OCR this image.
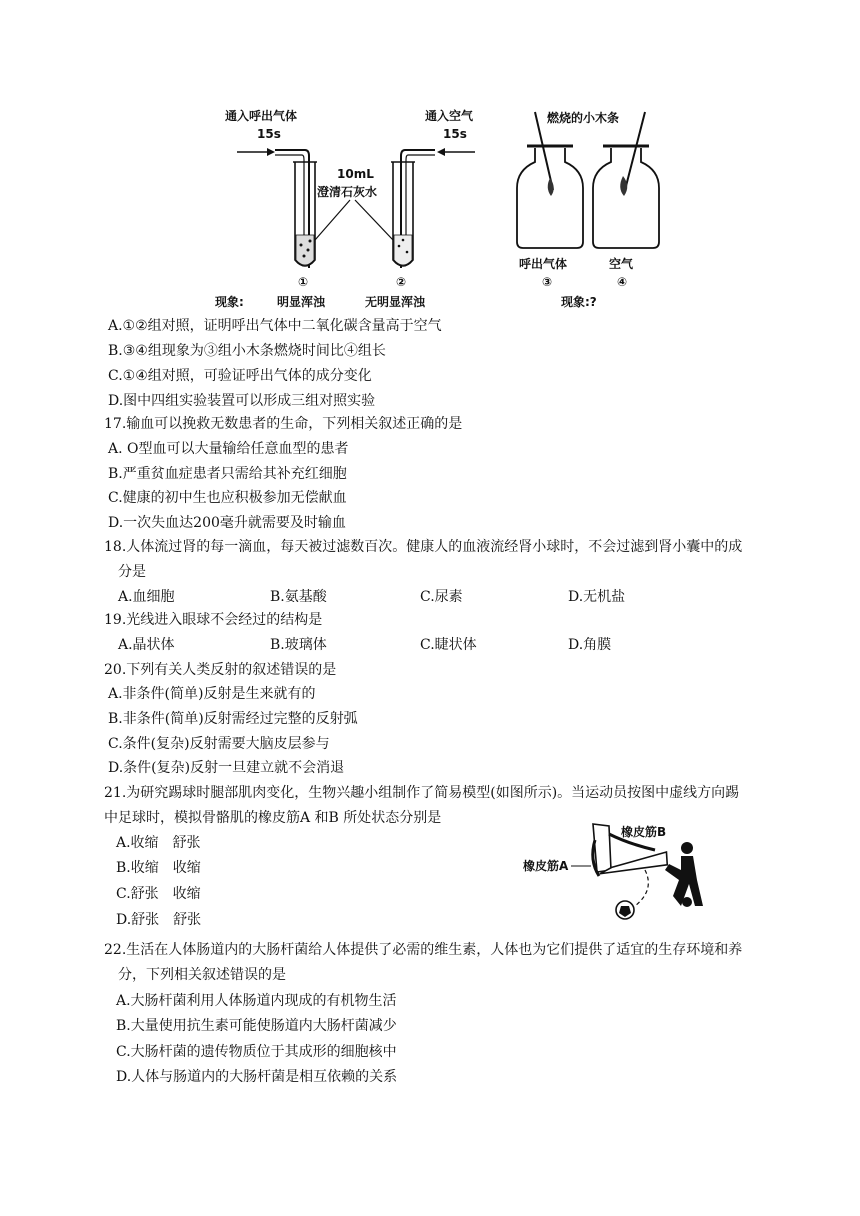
通入呼出气体
15s
通入空气
15s
10mL
澄清石灰水
①	②
现象:	明显浑浊	无明显浑浊
燃烧的小木条
呼出气体	空气
③	④
现象:?
A.①②组对照，证明呼出气体中二氧化碳含量高于空气
B.③④组现象为③组小木条燃烧时间比④组长
C.①④组对照，可验证呼出气体的成分变化
D.图中四组实验装置可以形成三组对照实验
17.输血可以挽救无数患者的生命，下列相关叙述正确的是
A. O型血可以大量输给任意血型的患者
B.严重贫血症患者只需给其补充红细胞
C.健康的初中生也应积极参加无偿献血
D.一次失血达200毫升就需要及时输血
18.人体流过肾的每一滴血，每天被过滤数百次。健康人的血液流经肾小球时，不会过滤到肾小囊中的成
分是
A.血细胞	B.氨基酸	C.尿素	D.无机盐
19.光线进入眼球不会经过的结构是
A.晶状体	B.玻璃体	C.睫状体	D.角膜
20.下列有关人类反射的叙述错误的是
A.非条件(简单)反射是生来就有的
B.非条件(简单)反射需经过完整的反射弧
C.条件(复杂)反射需要大脑皮层参与
D.条件(复杂)反射一旦建立就不会消退
21.为研究踢球时腿部肌肉变化，生物兴趣小组制作了简易模型(如图所示)。当运动员按图中虚线方向踢
中足球时，模拟骨骼肌的橡皮筋A 和B 所处状态分别是
A.收缩　舒张
B.收缩　收缩
C.舒张　收缩
D.舒张　舒张
橡皮筋B
橡皮筋A
22.生活在人体肠道内的大肠杆菌给人体提供了必需的维生素，人体也为它们提供了适宜的生存环境和养
分，下列相关叙述错误的是
A.大肠杆菌利用人体肠道内现成的有机物生活
B.大量使用抗生素可能使肠道内大肠杆菌减少
C.大肠杆菌的遗传物质位于其成形的细胞核中
D.人体与肠道内的大肠杆菌是相互依赖的关系
